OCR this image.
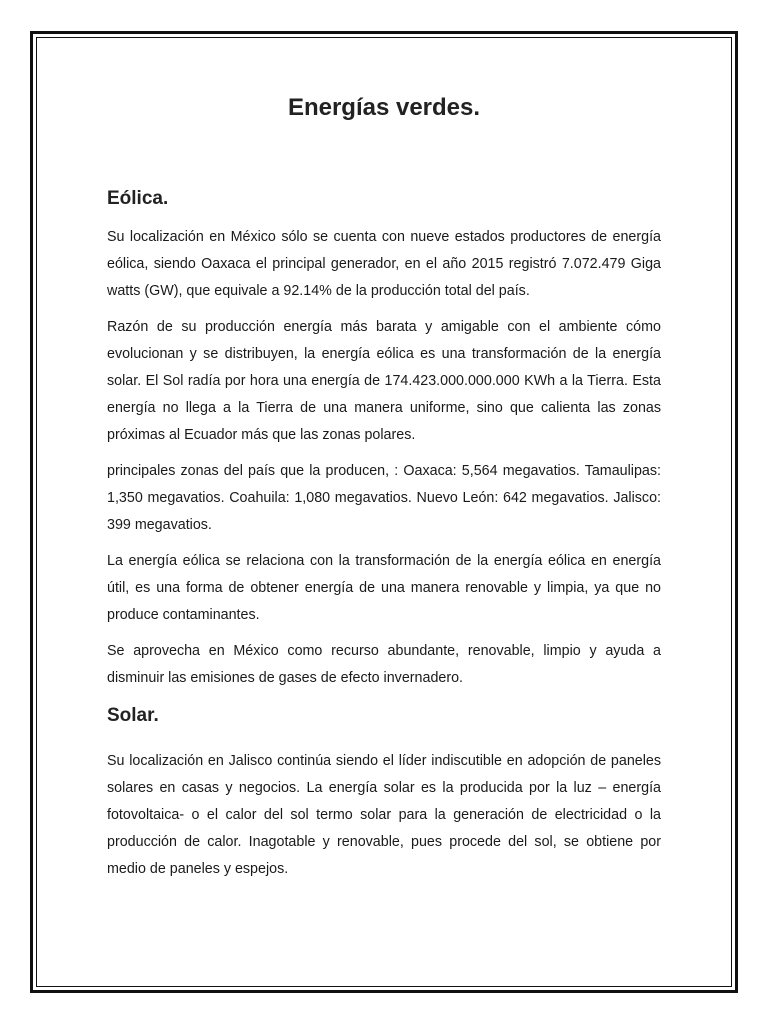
Energías verdes.
Eólica.

Su localización en México sólo se cuenta con nueve estados productores de energía eólica, siendo Oaxaca el principal generador, en el año 2015 registró 7.072.479 Giga watts (GW), que equivale a 92.14% de la producción total del país.

Razón de su producción energía más barata y amigable con el ambiente cómo evolucionan y se distribuyen, la energía eólica es una transformación de la energía solar. El Sol radía por hora una energía de 174.423.000.000.000 KWh a la Tierra. Esta energía no llega a la Tierra de una manera uniforme, sino que calienta las zonas próximas al Ecuador más que las zonas polares.

principales zonas del país que la producen, : Oaxaca: 5,564 megavatios. Tamaulipas: 1,350 megavatios. Coahuila: 1,080 megavatios. Nuevo León: 642 megavatios. Jalisco: 399 megavatios.

La energía eólica se relaciona con la transformación de la energía eólica en energía útil, es una forma de obtener energía de una manera renovable y limpia, ya que no produce contaminantes.

Se aprovecha en México como recurso abundante, renovable, limpio y ayuda a disminuir las emisiones de gases de efecto invernadero.

Solar.

Su localización en Jalisco continúa siendo el líder indiscutible en adopción de paneles solares en casas y negocios. La energía solar es la producida por la luz – energía fotovoltaica- o el calor del sol termo solar para la generación de electricidad o la producción de calor. Inagotable y renovable, pues procede del sol, se obtiene por medio de paneles y espejos.
